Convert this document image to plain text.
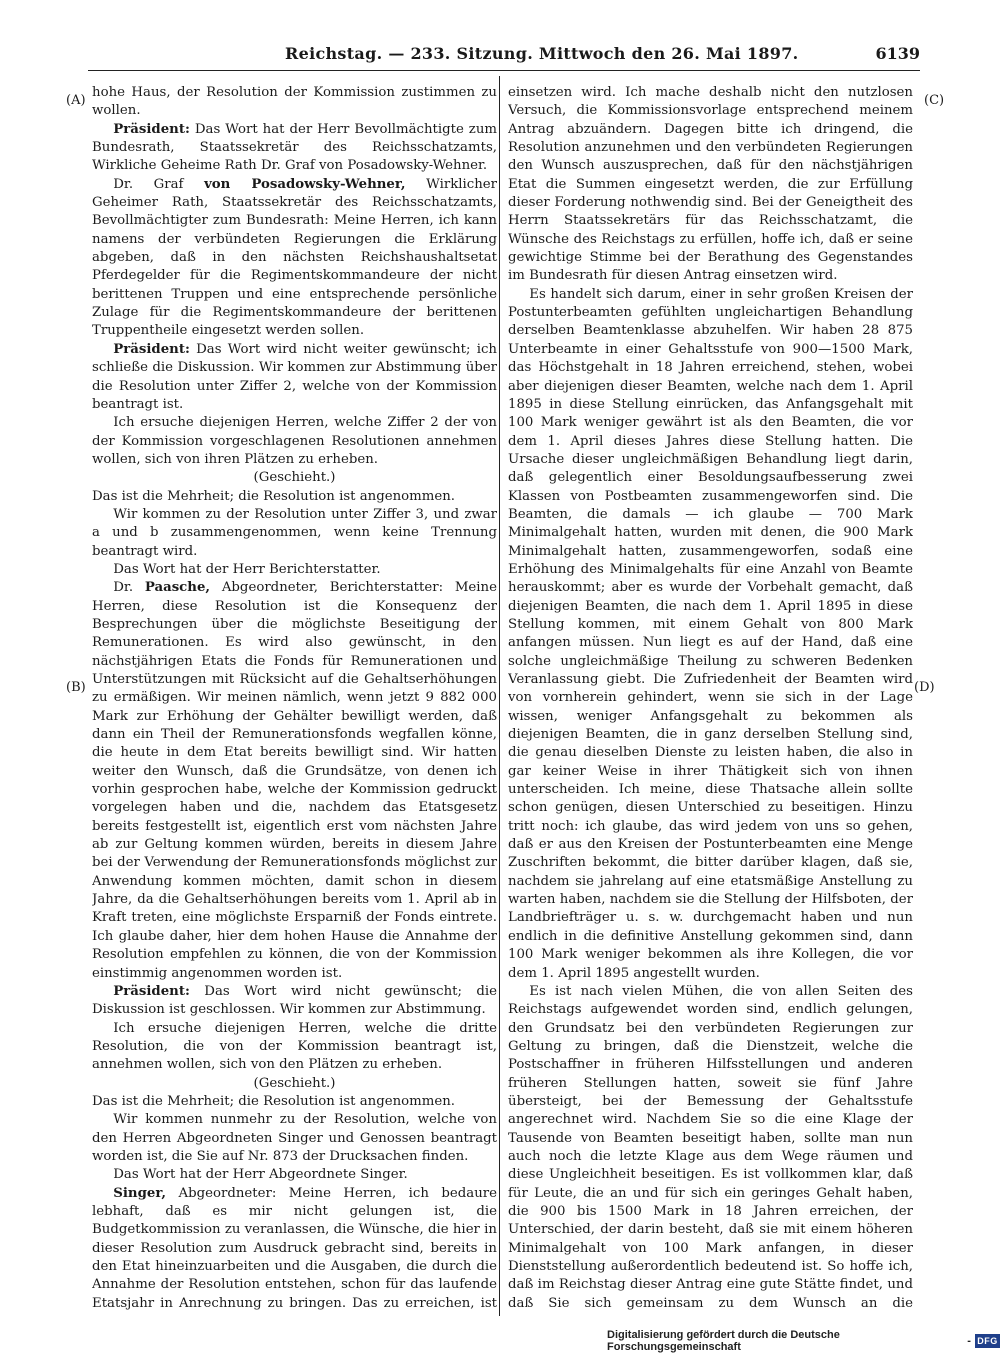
Reichstag. — 233. Sitzung. Mittwoch den 26. Mai 1897.	6139
(A)
(B)
(C)
(D)

hohe Haus, der Resolution der Kommission zustimmen zu wollen.

Präsident: Das Wort hat der Herr Bevollmächtigte zum Bundesrath, Staatssekretär des Reichsschatzamts, Wirkliche Geheime Rath Dr. Graf von Posadowsky-Wehner.

Dr. Graf von Posadowsky-Wehner, Wirklicher Geheimer Rath, Staatssekretär des Reichsschatzamts, Bevollmächtigter zum Bundesrath: Meine Herren, ich kann namens der verbündeten Regierungen die Erklärung abgeben, daß in den nächsten Reichshaushaltsetat Pferdegelder für die Regimentskommandeure der nicht berittenen Truppen und eine entsprechende persönliche Zulage für die Regimentskommandeure der berittenen Truppentheile eingesetzt werden sollen.

Präsident: Das Wort wird nicht weiter gewünscht; ich schließe die Diskussion. Wir kommen zur Abstimmung über die Resolution unter Ziffer 2, welche von der Kommission beantragt ist.

Ich ersuche diejenigen Herren, welche Ziffer 2 der von der Kommission vorgeschlagenen Resolutionen annehmen wollen, sich von ihren Plätzen zu erheben.

(Geschieht.)

Das ist die Mehrheit; die Resolution ist angenommen.

Wir kommen zu der Resolution unter Ziffer 3, und zwar a und b zusammengenommen, wenn keine Trennung beantragt wird.

Das Wort hat der Herr Berichterstatter.

Dr. Paasche, Abgeordneter, Berichterstatter: Meine Herren, diese Resolution ist die Konsequenz der Besprechungen über die möglichste Beseitigung der Remunerationen. Es wird also gewünscht, in den nächstjährigen Etats die Fonds für Remunerationen und Unterstützungen mit Rücksicht auf die Gehaltserhöhungen zu ermäßigen. Wir meinen nämlich, wenn jetzt 9 882 000 Mark zur Erhöhung der Gehälter bewilligt werden, daß dann ein Theil der Remunerationsfonds wegfallen könne, die heute in dem Etat bereits bewilligt sind. Wir hatten weiter den Wunsch, daß die Grundsätze, von denen ich vorhin gesprochen habe, welche der Kommission gedruckt vorgelegen haben und die, nachdem das Etatsgesetz bereits festgestellt ist, eigentlich erst vom nächsten Jahre ab zur Geltung kommen würden, bereits in diesem Jahre bei der Verwendung der Remunerationsfonds möglichst zur Anwendung kommen möchten, damit schon in diesem Jahre, da die Gehaltserhöhungen bereits vom 1. April ab in Kraft treten, eine möglichste Ersparniß der Fonds eintrete. Ich glaube daher, hier dem hohen Hause die Annahme der Resolution empfehlen zu können, die von der Kommission einstimmig angenommen worden ist.

Präsident: Das Wort wird nicht gewünscht; die Diskussion ist geschlossen. Wir kommen zur Abstimmung.

Ich ersuche diejenigen Herren, welche die dritte Resolution, die von der Kommission beantragt ist, annehmen wollen, sich von den Plätzen zu erheben.

(Geschieht.)

Das ist die Mehrheit; die Resolution ist angenommen.

Wir kommen nunmehr zu der Resolution, welche von den Herren Abgeordneten Singer und Genossen beantragt worden ist, die Sie auf Nr. 873 der Drucksachen finden.

Das Wort hat der Herr Abgeordnete Singer.

Singer, Abgeordneter: Meine Herren, ich bedaure lebhaft, daß es mir nicht gelungen ist, die Budgetkommission zu veranlassen, die Wünsche, die hier in dieser Resolution zum Ausdruck gebracht sind, bereits in den Etat hineinzuarbeiten und die Ausgaben, die durch die Annahme der Resolution entstehen, schon für das laufende Etatsjahr in Anrechnung zu bringen. Das zu erreichen, ist

einsetzen wird. Ich mache deshalb nicht den nutzlosen Versuch, die Kommissionsvorlage entsprechend meinem Antrag abzuändern. Dagegen bitte ich dringend, die Resolution anzunehmen und den verbündeten Regierungen den Wunsch auszusprechen, daß für den nächstjährigen Etat die Summen eingesetzt werden, die zur Erfüllung dieser Forderung nothwendig sind. Bei der Geneigtheit des Herrn Staatssekretärs für das Reichsschatzamt, die Wünsche des Reichstags zu erfüllen, hoffe ich, daß er seine gewichtige Stimme bei der Berathung des Gegenstandes im Bundesrath für diesen Antrag einsetzen wird.

Es handelt sich darum, einer in sehr großen Kreisen der Postunterbeamten gefühlten ungleichartigen Behandlung derselben Beamtenklasse abzuhelfen. Wir haben 28 875 Unterbeamte in einer Gehaltsstufe von 900—1500 Mark, das Höchstgehalt in 18 Jahren erreichend, stehen, wobei aber diejenigen dieser Beamten, welche nach dem 1. April 1895 in diese Stellung einrücken, das Anfangsgehalt mit 100 Mark weniger gewährt ist als den Beamten, die vor dem 1. April dieses Jahres diese Stellung hatten. Die Ursache dieser ungleichmäßigen Behandlung liegt darin, daß gelegentlich einer Besoldungsaufbesserung zwei Klassen von Postbeamten zusammengeworfen sind. Die Beamten, die damals — ich glaube — 700 Mark Minimalgehalt hatten, wurden mit denen, die 900 Mark Minimalgehalt hatten, zusammengeworfen, sodaß eine Erhöhung des Minimalgehalts für eine Anzahl von Beamte herauskommt; aber es wurde der Vorbehalt gemacht, daß diejenigen Beamten, die nach dem 1. April 1895 in diese Stellung kommen, mit einem Gehalt von 800 Mark anfangen müssen. Nun liegt es auf der Hand, daß eine solche ungleichmäßige Theilung zu schweren Bedenken Veranlassung giebt. Die Zufriedenheit der Beamten wird von vornherein gehindert, wenn sie sich in der Lage wissen, weniger Anfangsgehalt zu bekommen als diejenigen Beamten, die in ganz derselben Stellung sind, die genau dieselben Dienste zu leisten haben, die also in gar keiner Weise in ihrer Thätigkeit sich von ihnen unterscheiden. Ich meine, diese Thatsache allein sollte schon genügen, diesen Unterschied zu beseitigen. Hinzu tritt noch: ich glaube, das wird jedem von uns so gehen, daß er aus den Kreisen der Postunterbeamten eine Menge Zuschriften bekommt, die bitter darüber klagen, daß sie, nachdem sie jahrelang auf eine etatsmäßige Anstellung zu warten haben, nachdem sie die Stellung der Hilfsboten, der Landbriefträger u. s. w. durchgemacht haben und nun endlich in die definitive Anstellung gekommen sind, dann 100 Mark weniger bekommen als ihre Kollegen, die vor dem 1. April 1895 angestellt wurden.

Es ist nach vielen Mühen, die von allen Seiten des Reichstags aufgewendet worden sind, endlich gelungen, den Grundsatz bei den verbündeten Regierungen zur Geltung zu bringen, daß die Dienstzeit, welche die Postschaffner in früheren Hilfsstellungen und anderen früheren Stellungen hatten, soweit sie fünf Jahre übersteigt, bei der Bemessung der Gehaltsstufe angerechnet wird. Nachdem Sie so die eine Klage der Tausende von Beamten beseitigt haben, sollte man nun auch noch die letzte Klage aus dem Wege räumen und diese Ungleichheit beseitigen. Es ist vollkommen klar, daß für Leute, die an und für sich ein geringes Gehalt haben, die 900 bis 1500 Mark in 18 Jahren erreichen, der Unterschied, der darin besteht, daß sie mit einem höheren Minimalgehalt von 100 Mark anfangen, in dieser Dienststellung außerordentlich bedeutend ist. So hoffe ich, daß im Reichstag dieser Antrag eine gute Stätte findet, und daß Sie sich gemeinsam zu dem Wunsch an die

Digitalisierung gefördert durch die Deutsche Forschungsgemeinschaft	- DFG
